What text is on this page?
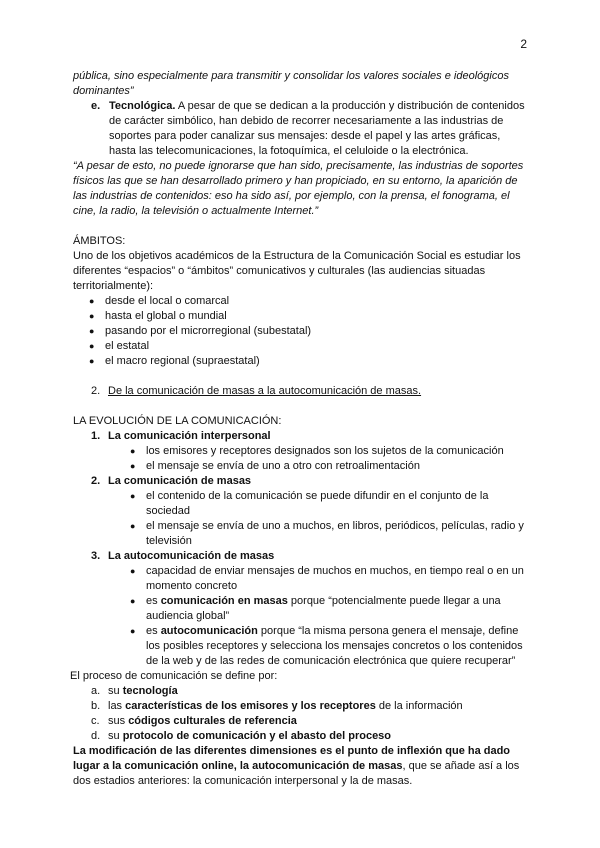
2

pública, sino especialmente para transmitir y consolidar los valores sociales e ideológicos dominantes”

e. Tecnológica. A pesar de que se dedican a la producción y distribución de contenidos de carácter simbólico, han debido de recorrer necesariamente a las industrias de soportes para poder canalizar sus mensajes: desde el papel y las artes gráficas, hasta las telecomunicaciones, la fotoquímica, el celuloide o la electrónica.

“A pesar de esto, no puede ignorarse que han sido, precisamente, las industrias de soportes físicos las que se han desarrollado primero y han propiciado, en su entorno, la aparición de las industrias de contenidos: eso ha sido así, por ejemplo, con la prensa, el fonograma, el cine, la radio, la televisión o actualmente Internet.”

ÁMBITOS:

Uno de los objetivos académicos de la Estructura de la Comunicación Social es estudiar los diferentes “espacios” o “ámbitos” comunicativos y culturales (las audiencias situadas territorialmente):

● desde el local o comarcal
● hasta el global o mundial
● pasando por el microrregional (subestatal)
● el estatal
● el macro regional (supraestatal)
2. De la comunicación de masas a la autocomunicación de masas.

LA EVOLUCIÓN DE LA COMUNICACIÓN:

1. La comunicación interpersonal
● los emisores y receptores designados son los sujetos de la comunicación
● el mensaje se envía de uno a otro con retroalimentación
2. La comunicación de masas
● el contenido de la comunicación se puede difundir en el conjunto de la sociedad
● el mensaje se envía de uno a muchos, en libros, periódicos, películas, radio y televisión
3. La autocomunicación de masas
● capacidad de enviar mensajes de muchos en muchos, en tiempo real o en un momento concreto
● es comunicación en masas porque “potencialmente puede llegar a una audiencia global”
● es autocomunicación porque “la misma persona genera el mensaje, define los posibles receptores y selecciona los mensajes concretos o los contenidos de la web y de las redes de comunicación electrónica que quiere recuperar”

El proceso de comunicación se define por:

a. su tecnología
b. las características de los emisores y los receptores de la información
c. sus códigos culturales de referencia
d. su protocolo de comunicación y el abasto del proceso

La modificación de las diferentes dimensiones es el punto de inflexión que ha dado lugar a la comunicación online, la autocomunicación de masas, que se añade así a los dos estadios anteriores: la comunicación interpersonal y la de masas.
